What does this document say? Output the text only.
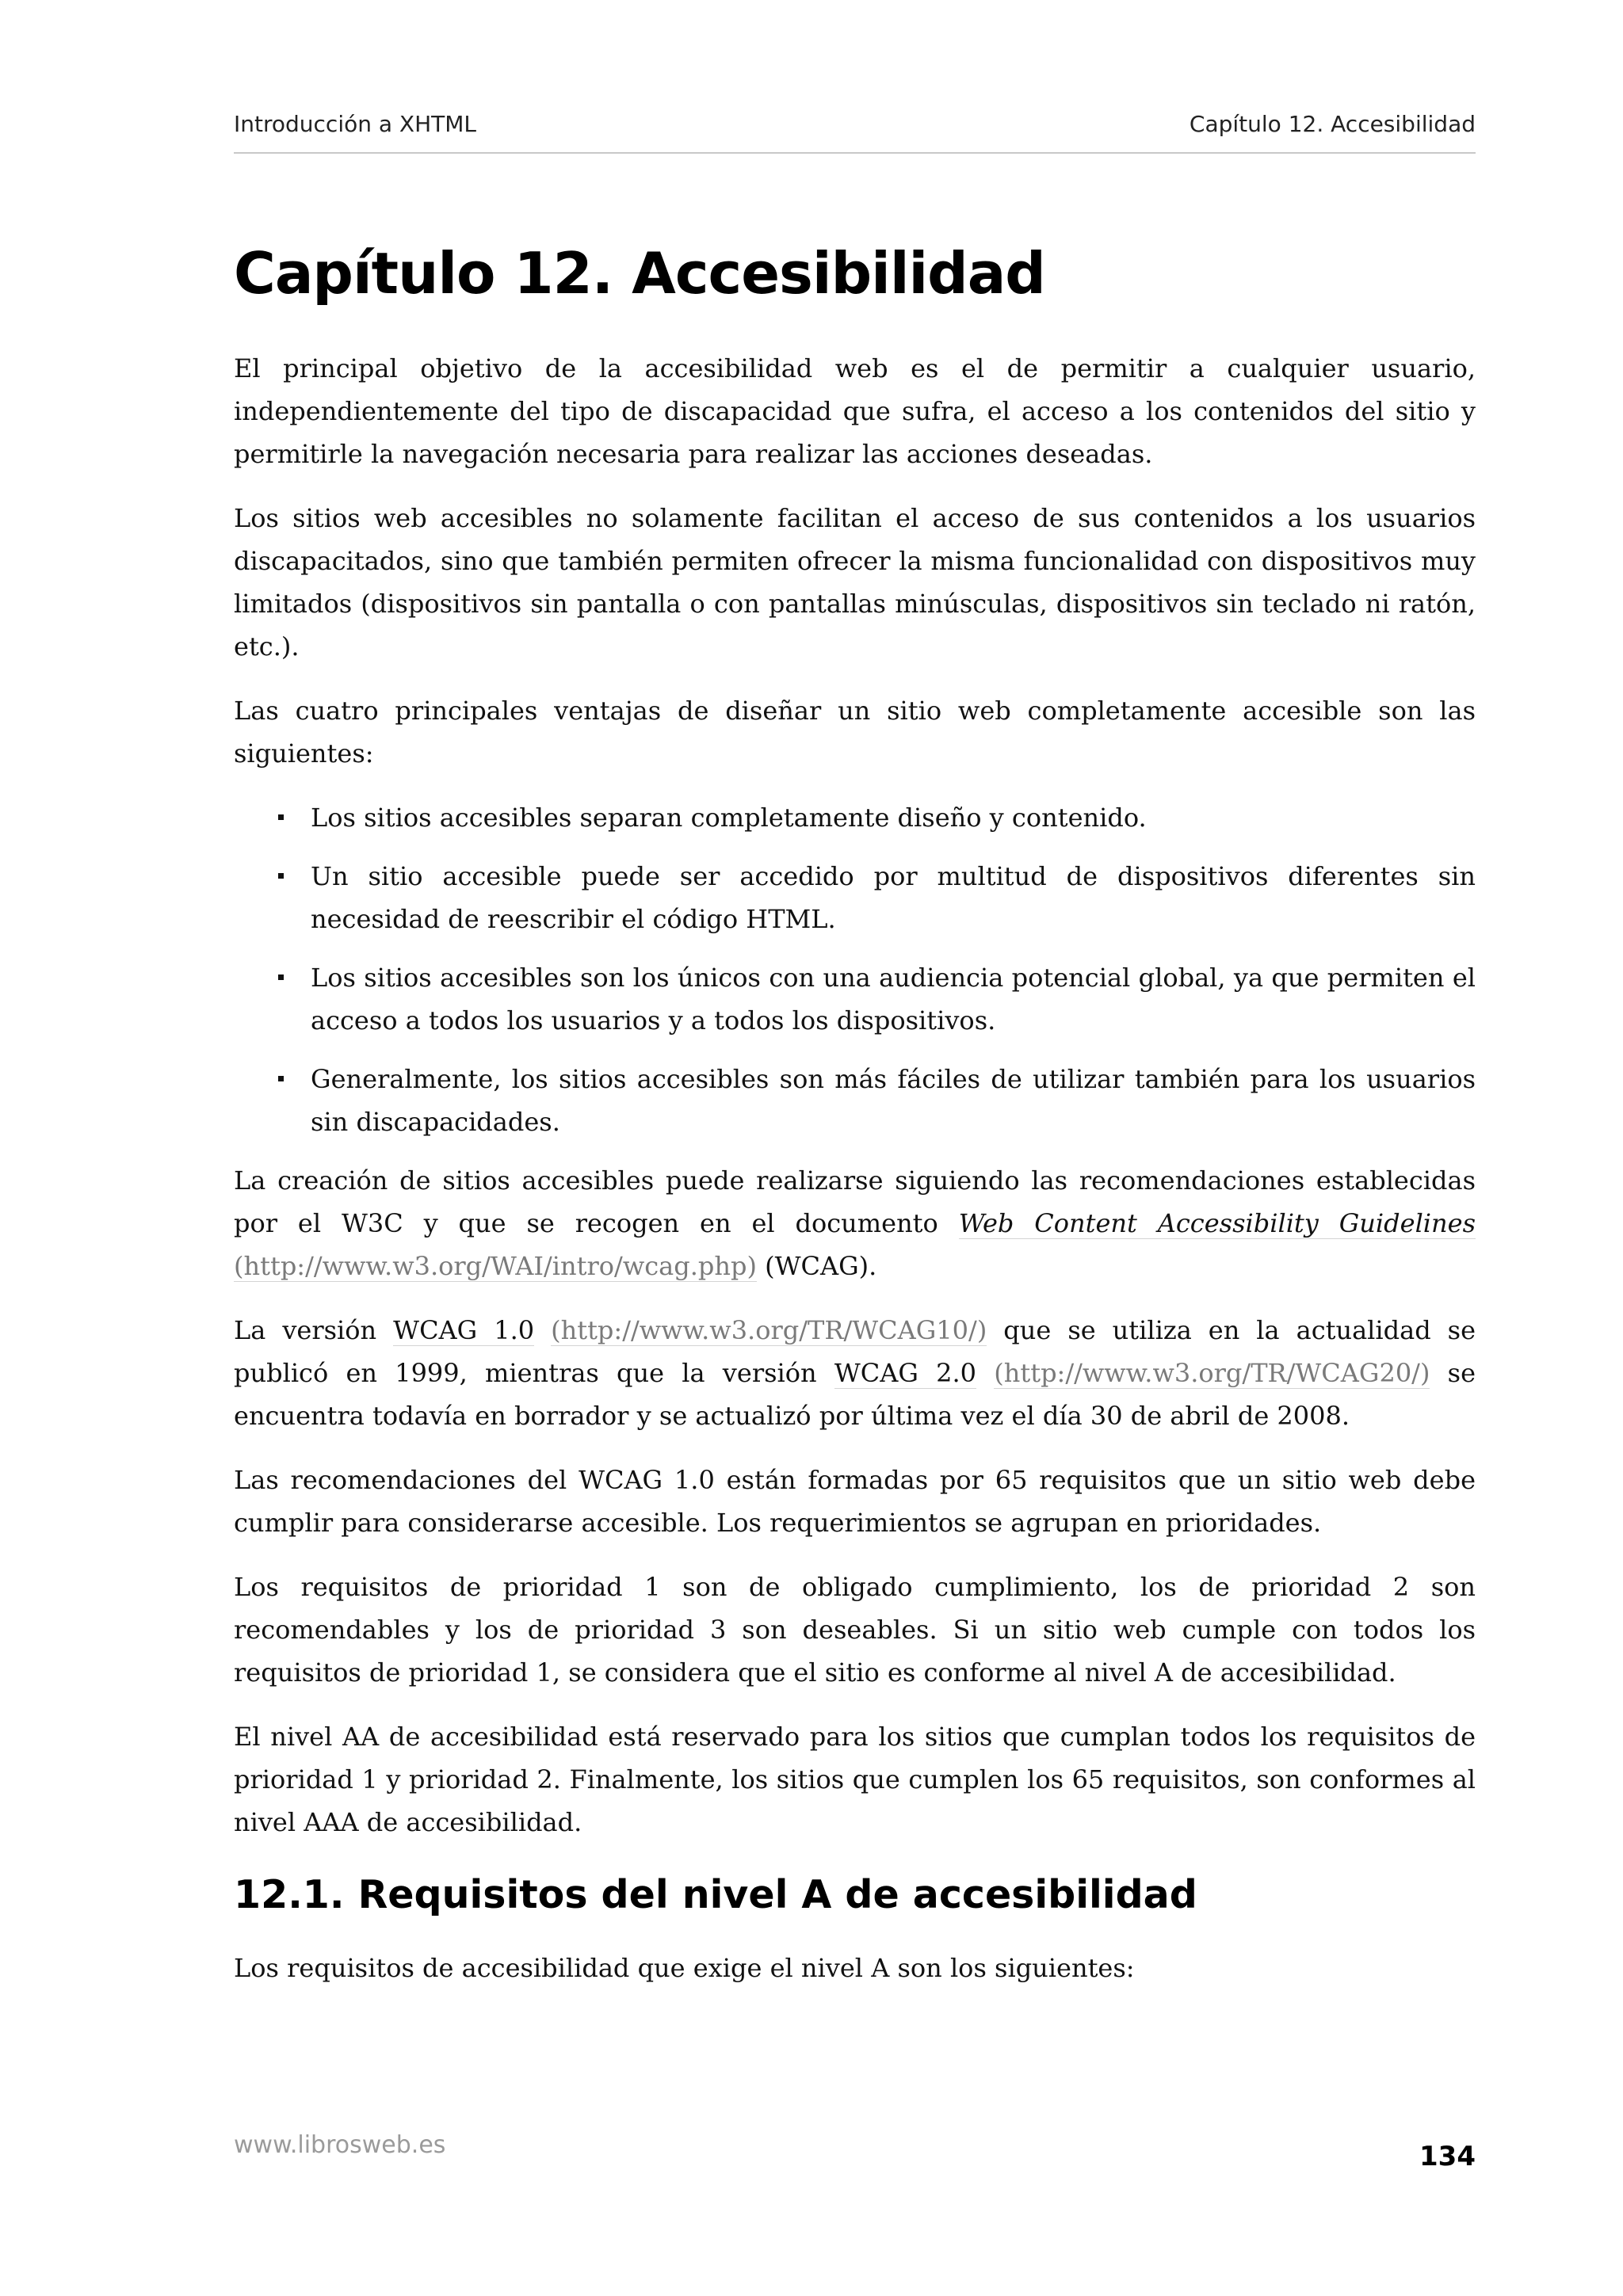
Introducción a XHTML	Capítulo 12. Accesibilidad
Capítulo 12. Accesibilidad

El principal objetivo de la accesibilidad web es el de permitir a cualquier usuario, independientemente del tipo de discapacidad que sufra, el acceso a los contenidos del sitio y permitirle la navegación necesaria para realizar las acciones deseadas.

Los sitios web accesibles no solamente facilitan el acceso de sus contenidos a los usuarios discapacitados, sino que también permiten ofrecer la misma funcionalidad con dispositivos muy limitados (dispositivos sin pantalla o con pantallas minúsculas, dispositivos sin teclado ni ratón, etc.).

Las cuatro principales ventajas de diseñar un sitio web completamente accesible son las siguientes:

Los sitios accesibles separan completamente diseño y contenido.
Un sitio accesible puede ser accedido por multitud de dispositivos diferentes sin necesidad de reescribir el código HTML.
Los sitios accesibles son los únicos con una audiencia potencial global, ya que permiten el acceso a todos los usuarios y a todos los dispositivos.
Generalmente, los sitios accesibles son más fáciles de utilizar también para los usuarios sin discapacidades.

La creación de sitios accesibles puede realizarse siguiendo las recomendaciones establecidas por el W3C y que se recogen en el documento Web Content Accessibility Guidelines (http://www.w3.org/WAI/intro/wcag.php) (WCAG).

La versión WCAG 1.0 (http://www.w3.org/TR/WCAG10/) que se utiliza en la actualidad se publicó en 1999, mientras que la versión WCAG 2.0 (http://www.w3.org/TR/WCAG20/) se encuentra todavía en borrador y se actualizó por última vez el día 30 de abril de 2008.

Las recomendaciones del WCAG 1.0 están formadas por 65 requisitos que un sitio web debe cumplir para considerarse accesible. Los requerimientos se agrupan en prioridades.

Los requisitos de prioridad 1 son de obligado cumplimiento, los de prioridad 2 son recomendables y los de prioridad 3 son deseables. Si un sitio web cumple con todos los requisitos de prioridad 1, se considera que el sitio es conforme al nivel A de accesibilidad.

El nivel AA de accesibilidad está reservado para los sitios que cumplan todos los requisitos de prioridad 1 y prioridad 2. Finalmente, los sitios que cumplen los 65 requisitos, son conformes al nivel AAA de accesibilidad.

12.1. Requisitos del nivel A de accesibilidad

Los requisitos de accesibilidad que exige el nivel A son los siguientes:

www.librosweb.es	134
